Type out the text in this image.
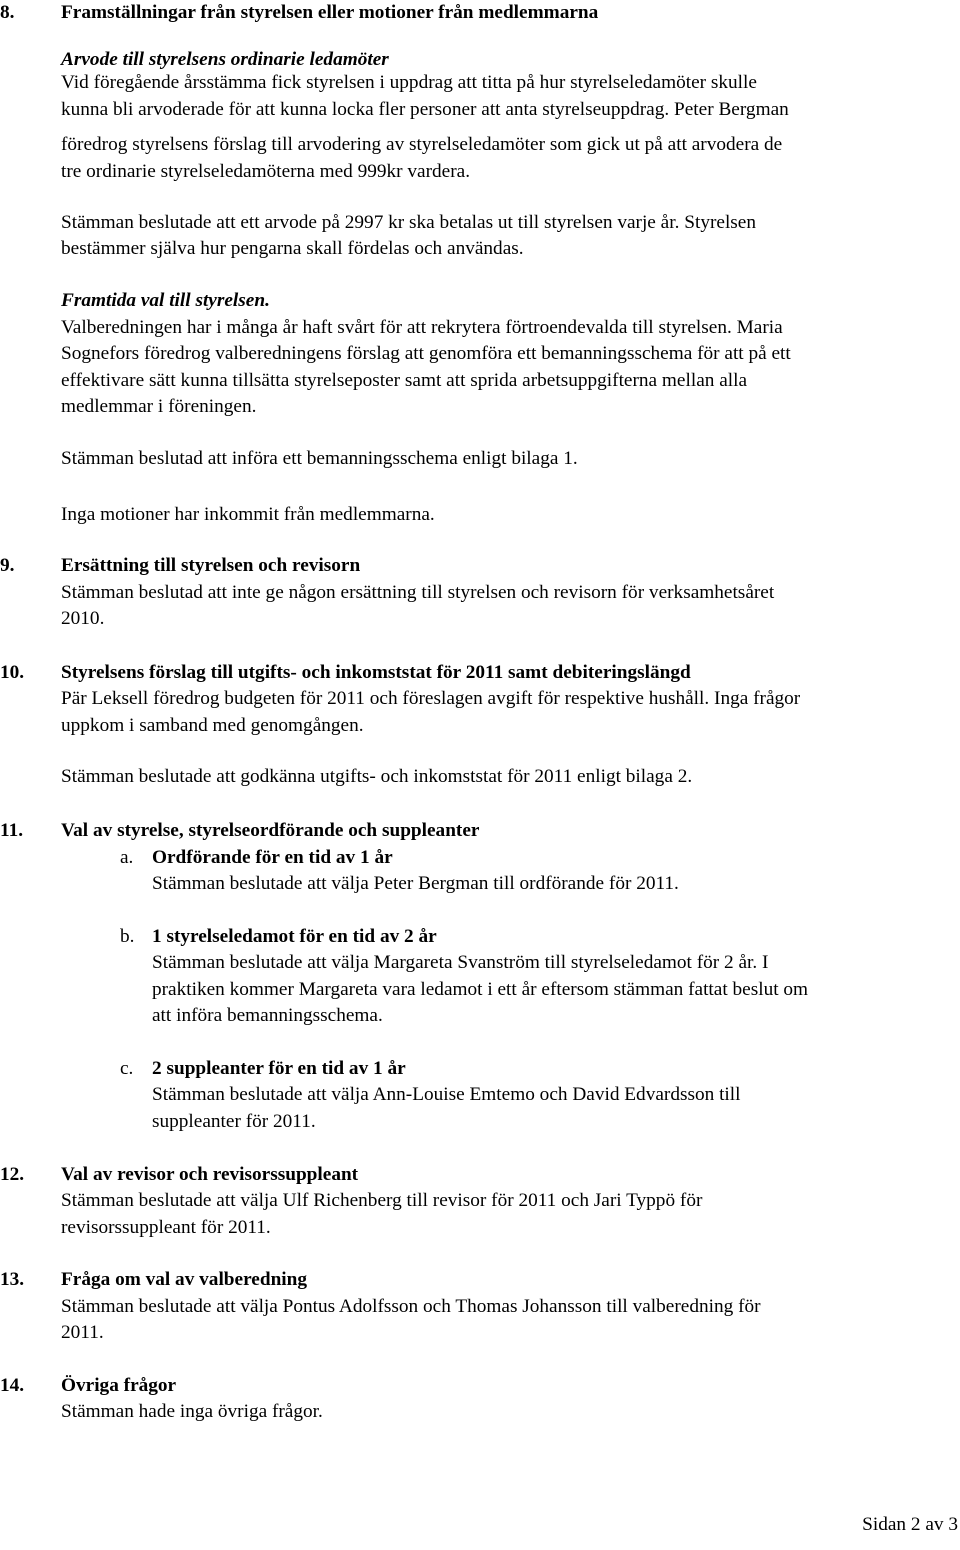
8. Framställningar från styrelsen eller motioner från medlemmarna
Arvode till styrelsens ordinarie ledamöter
Vid föregående årsstämma fick styrelsen i uppdrag att titta på hur styrelseledamöter skulle
kunna bli arvoderade för att kunna locka fler personer att anta styrelseuppdrag. Peter Bergman
föredrog styrelsens förslag till arvodering av styrelseledamöter som gick ut på att arvodera de
tre ordinarie styrelseledamöterna med 999kr vardera.
Stämman beslutade att ett arvode på 2997 kr ska betalas ut till styrelsen varje år. Styrelsen
bestämmer själva hur pengarna skall fördelas och användas.
Framtida val till styrelsen.
Valberedningen har i många år haft svårt för att rekrytera förtroendevalda till styrelsen. Maria
Sognefors föredrog valberedningens förslag att genomföra ett bemanningsschema för att på ett
effektivare sätt kunna tillsätta styrelseposter samt att sprida arbetsuppgifterna mellan alla
medlemmar i föreningen.
Stämman beslutad att införa ett bemanningsschema enligt bilaga 1.
Inga motioner har inkommit från medlemmarna.
9. Ersättning till styrelsen och revisorn
Stämman beslutad att inte ge någon ersättning till styrelsen och revisorn för verksamhetsåret
2010.
10. Styrelsens förslag till utgifts- och inkomststat för 2011 samt debiteringslängd
Pär Leksell föredrog budgeten för 2011 och föreslagen avgift för respektive hushåll. Inga frågor
uppkom i samband med genomgången.
Stämman beslutade att godkänna utgifts- och inkomststat för 2011 enligt bilaga 2.
11. Val av styrelse, styrelseordförande och suppleanter
a. Ordförande för en tid av 1 år
Stämman beslutade att välja Peter Bergman till ordförande för 2011.
b. 1 styrelseledamot för en tid av 2 år
Stämman beslutade att välja Margareta Svanström till styrelseledamot för 2 år. I
praktiken kommer Margareta vara ledamot i ett år eftersom stämman fattat beslut om
att införa bemanningsschema.
c. 2 suppleanter för en tid av 1 år
Stämman beslutade att välja Ann-Louise Emtemo och David Edvardsson till
suppleanter för 2011.
12. Val av revisor och revisorssuppleant
Stämman beslutade att välja Ulf Richenberg till revisor för 2011 och Jari Typpö för
revisorssuppleant för 2011.
13. Fråga om val av valberedning
Stämman beslutade att välja Pontus Adolfsson och Thomas Johansson till valberedning för
2011.
14. Övriga frågor
Stämman hade inga övriga frågor.
Sidan 2 av 3
